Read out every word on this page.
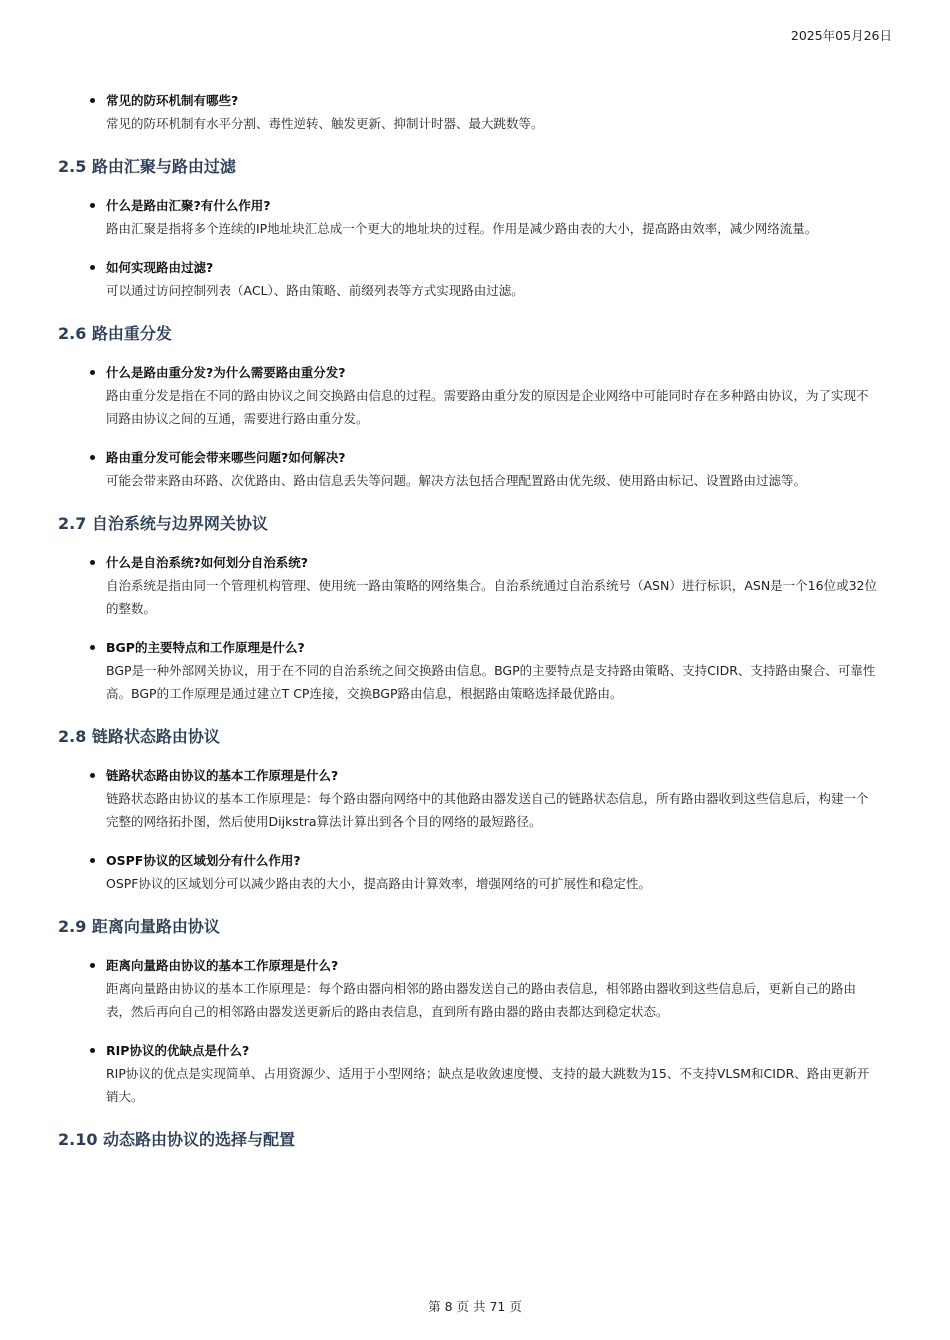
2025年05月26日
常见的防环机制有哪些?
常见的防环机制有水平分割、毒性逆转、触发更新、抑制计时器、最大跳数等。
2.5 路由汇聚与路由过滤
什么是路由汇聚?有什么作用?
路由汇聚是指将多个连续的IP地址块汇总成一个更大的地址块的过程。作用是减少路由表的大小，提高路由效率，减少网络流量。
如何实现路由过滤?
可以通过访问控制列表（ACL）、路由策略、前缀列表等方式实现路由过滤。
2.6 路由重分发
什么是路由重分发?为什么需要路由重分发?
路由重分发是指在不同的路由协议之间交换路由信息的过程。需要路由重分发的原因是企业网络中可能同时存在多种路由协议，为了实现不同路由协议之间的互通，需要进行路由重分发。
路由重分发可能会带来哪些问题?如何解决?
可能会带来路由环路、次优路由、路由信息丢失等问题。解决方法包括合理配置路由优先级、使用路由标记、设置路由过滤等。
2.7 自治系统与边界网关协议
什么是自治系统?如何划分自治系统?
自治系统是指由同一个管理机构管理、使用统一路由策略的网络集合。自治系统通过自治系统号（ASN）进行标识，ASN是一个16位或32位的整数。
BGP的主要特点和工作原理是什么?
BGP是一种外部网关协议，用于在不同的自治系统之间交换路由信息。BGP的主要特点是支持路由策略、支持CIDR、支持路由聚合、可靠性高。BGP的工作原理是通过建立T CP连接，交换BGP路由信息，根据路由策略选择最优路由。
2.8 链路状态路由协议
链路状态路由协议的基本工作原理是什么?
链路状态路由协议的基本工作原理是：每个路由器向网络中的其他路由器发送自己的链路状态信息，所有路由器收到这些信息后，构建一个完整的网络拓扑图，然后使用Dijkstra算法计算出到各个目的网络的最短路径。
OSPF协议的区域划分有什么作用?
OSPF协议的区域划分可以减少路由表的大小，提高路由计算效率，增强网络的可扩展性和稳定性。
2.9 距离向量路由协议
距离向量路由协议的基本工作原理是什么?
距离向量路由协议的基本工作原理是：每个路由器向相邻的路由器发送自己的路由表信息，相邻路由器收到这些信息后，更新自己的路由表，然后再向自己的相邻路由器发送更新后的路由表信息，直到所有路由器的路由表都达到稳定状态。
RIP协议的优缺点是什么?
RIP协议的优点是实现简单、占用资源少、适用于小型网络；缺点是收敛速度慢、支持的最大跳数为15、不支持VLSM和CIDR、路由更新开销大。
2.10 动态路由协议的选择与配置
第 8 页 共 71 页
